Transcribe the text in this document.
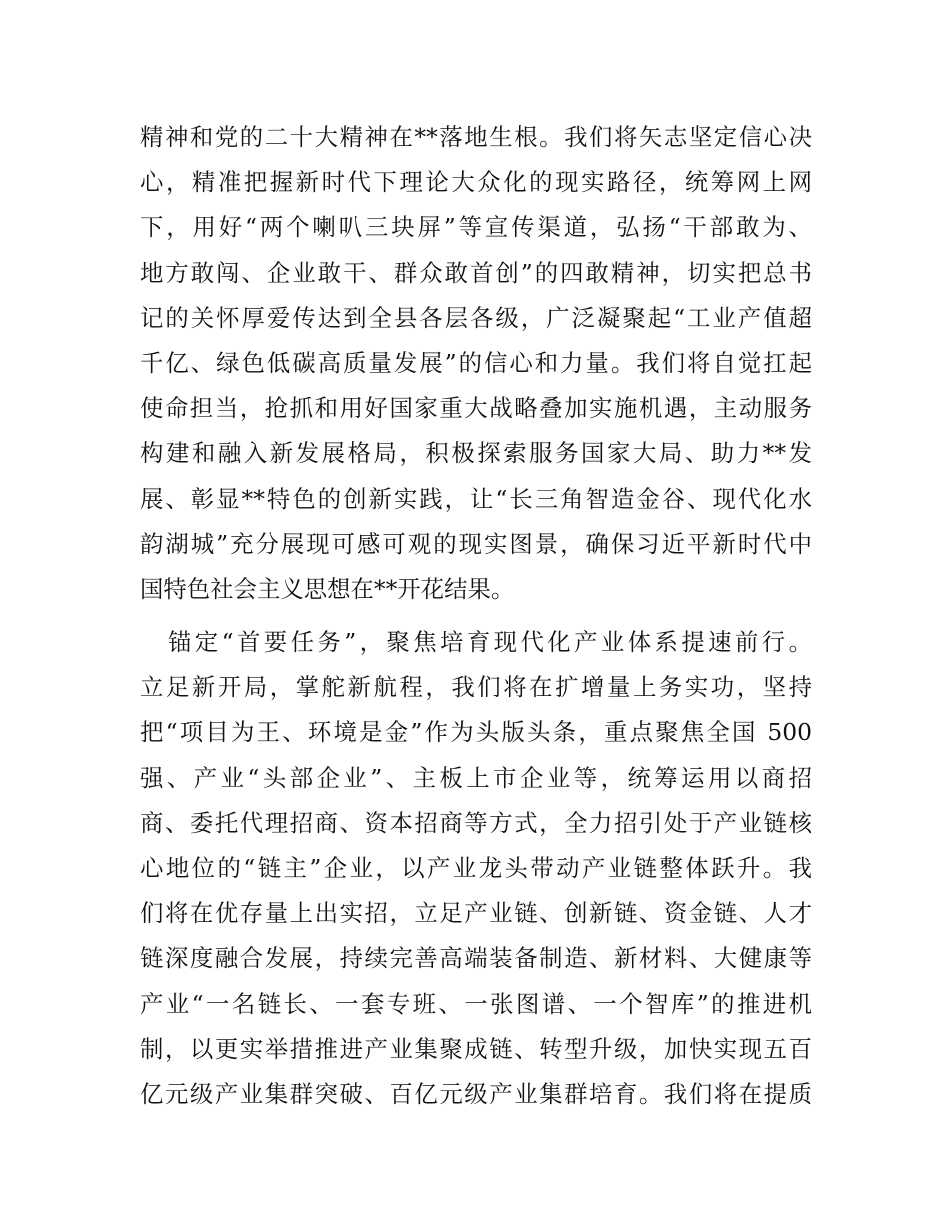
精神和党的二十大精神在**落地生根。我们将矢志坚定信心决
心，精准把握新时代下理论大众化的现实路径，统筹网上网
下，用好“两个喇叭三块屏”等宣传渠道，弘扬“干部敢为、
地方敢闯、企业敢干、群众敢首创”的四敢精神，切实把总书
记的关怀厚爱传达到全县各层各级，广泛凝聚起“工业产值超
千亿、绿色低碳高质量发展”的信心和力量。我们将自觉扛起
使命担当，抢抓和用好国家重大战略叠加实施机遇，主动服务
构建和融入新发展格局，积极探索服务国家大局、助力**发
展、彰显**特色的创新实践，让“长三角智造金谷、现代化水
韵湖城”充分展现可感可观的现实图景，确保习近平新时代中
国特色社会主义思想在**开花结果。
锚定“首要任务”，聚焦培育现代化产业体系提速前行。
立足新开局，掌舵新航程，我们将在扩增量上务实功，坚持
把“项目为王、环境是金”作为头版头条，重点聚焦全国 500
强、产业“头部企业”、主板上市企业等，统筹运用以商招
商、委托代理招商、资本招商等方式，全力招引处于产业链核
心地位的“链主”企业，以产业龙头带动产业链整体跃升。我
们将在优存量上出实招，立足产业链、创新链、资金链、人才
链深度融合发展，持续完善高端装备制造、新材料、大健康等
产业“一名链长、一套专班、一张图谱、一个智库”的推进机
制，以更实举措推进产业集聚成链、转型升级，加快实现五百
亿元级产业集群突破、百亿元级产业集群培育。我们将在提质
